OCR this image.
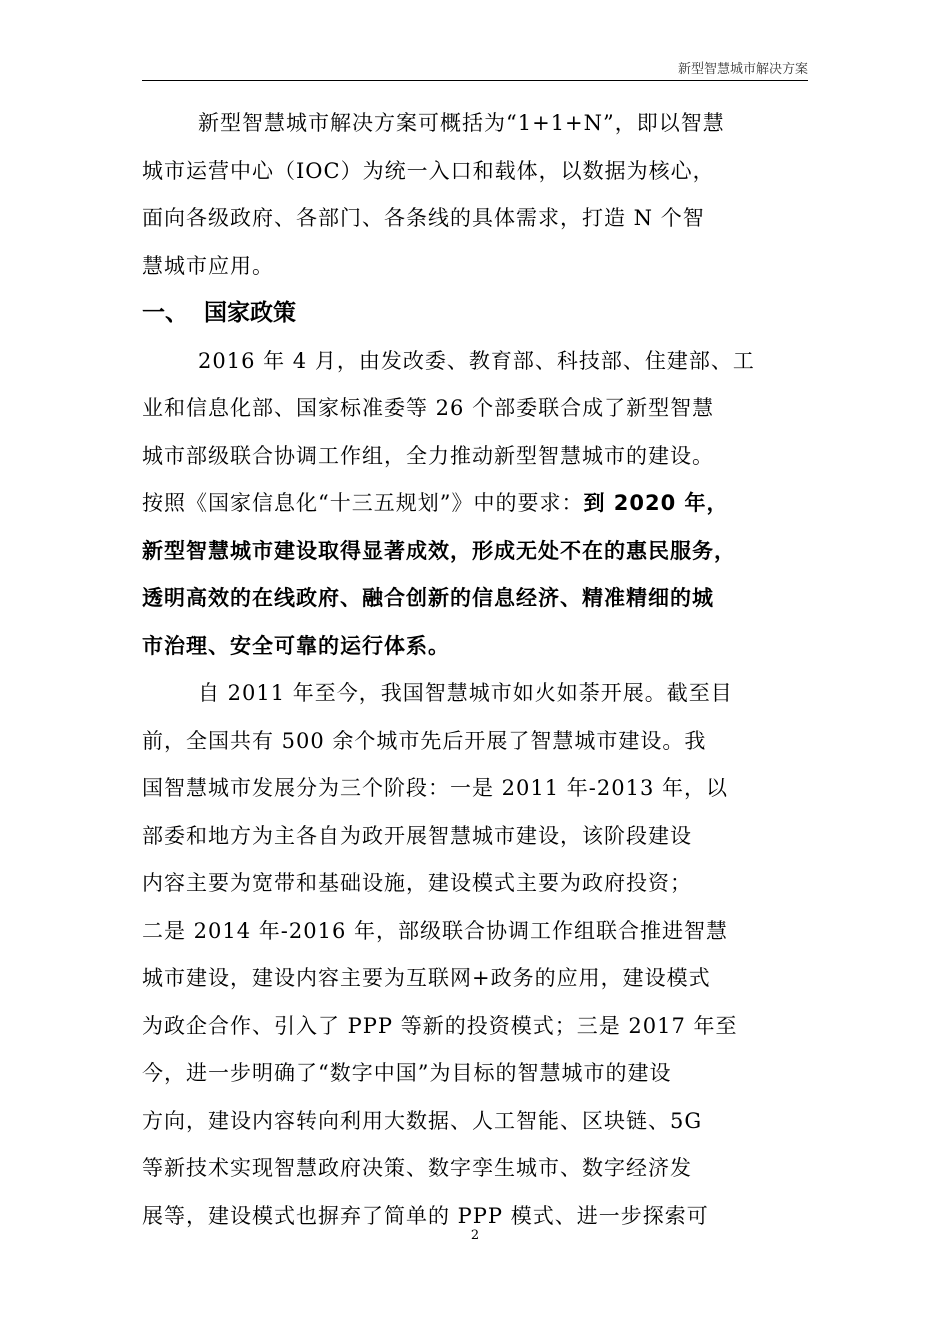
新型智慧城市解决方案
新型智慧城市解决方案可概括为“1+1+N”，即以智慧
城市运营中心（IOC）为统一入口和载体，以数据为核心，
面向各级政府、各部门、各条线的具体需求，打造 N 个智
慧城市应用。
一、 国家政策
2016 年 4 月，由发改委、教育部、科技部、住建部、工
业和信息化部、国家标准委等 26 个部委联合成了新型智慧
城市部级联合协调工作组，全力推动新型智慧城市的建设。
按照《国家信息化“十三五规划”》中的要求：到 2020 年，
新型智慧城市建设取得显著成效，形成无处不在的惠民服务，
透明高效的在线政府、融合创新的信息经济、精准精细的城
市治理、安全可靠的运行体系。
自 2011 年至今，我国智慧城市如火如荼开展。截至目
前，全国共有 500 余个城市先后开展了智慧城市建设。我
国智慧城市发展分为三个阶段：一是 2011 年-2013 年，以
部委和地方为主各自为政开展智慧城市建设，该阶段建设
内容主要为宽带和基础设施，建设模式主要为政府投资；
二是 2014 年-2016 年，部级联合协调工作组联合推进智慧
城市建设，建设内容主要为互联网+政务的应用，建设模式
为政企合作、引入了 PPP 等新的投资模式；三是 2017 年至
今，进一步明确了“数字中国”为目标的智慧城市的建设
方向，建设内容转向利用大数据、人工智能、区块链、5G
等新技术实现智慧政府决策、数字孪生城市、数字经济发
展等，建设模式也摒弃了简单的 PPP 模式、进一步探索可
2
